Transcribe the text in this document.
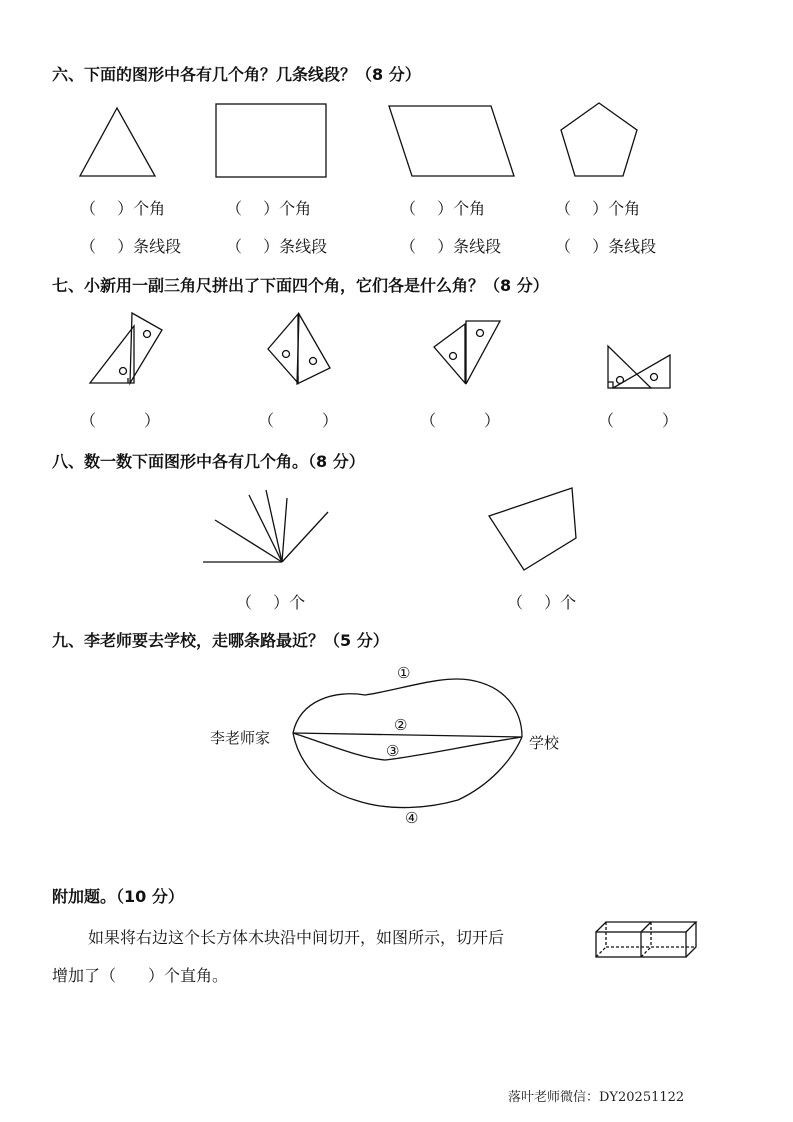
六、下面的图形中各有几个角？几条线段？（8 分）
（　 ）个角	（　 ）个角	（　 ）个角	（　 ）个角
（　 ）条线段	（　 ）条线段	（　 ）条线段	（　 ）条线段
七、小新用一副三角尺拼出了下面四个角，它们各是什么角？（8 分）
（　　　）	（　　　）	（　　　）	（　　　）
八、数一数下面图形中各有几个角。（8 分）
（　 ）个	（　 ）个
九、李老师要去学校，走哪条路最近？（5 分）
李老师家	学校
①
②
③
④
附加题。（10 分）
如果将右边这个长方体木块沿中间切开，如图所示，切开后
增加了（　　）个直角。
落叶老师微信：DY20251122
